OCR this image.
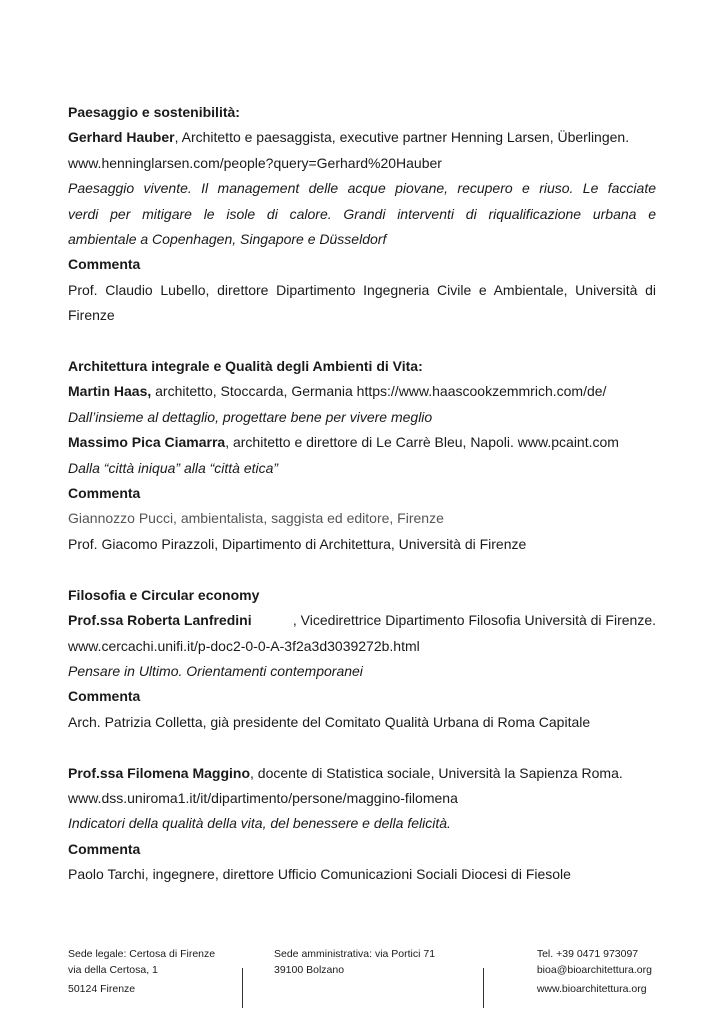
Paesaggio e sostenibilità:
Gerhard Hauber, Architetto e paesaggista, executive partner Henning Larsen, Überlingen.
www.henninglarsen.com/people?query=Gerhard%20Hauber
Paesaggio vivente. Il management delle acque piovane, recupero e riuso. Le facciate
verdi per mitigare le isole di calore. Grandi interventi di riqualificazione urbana e
ambientale a Copenhagen, Singapore e Düsseldorf
Commenta
Prof. Claudio Lubello, direttore Dipartimento Ingegneria Civile e Ambientale, Università di
Firenze
Architettura integrale e Qualità degli Ambienti di Vita:
Martin Haas, architetto, Stoccarda, Germania https://www.haascookzemmrich.com/de/
Dall’insieme al dettaglio, progettare bene per vivere meglio
Massimo Pica Ciamarra, architetto e direttore di Le Carrè Bleu, Napoli. www.pcaint.com
Dalla “città iniqua” alla “città etica”
Commenta
Giannozzo Pucci, ambientalista, saggista ed editore, Firenze
Prof. Giacomo Pirazzoli, Dipartimento di Architettura, Università di Firenze
Filosofia e Circular economy
Prof.ssa Roberta Lanfredini	, Vicedirettrice Dipartimento Filosofia Università di Firenze.
www.cercachi.unifi.it/p-doc2-0-0-A-3f2a3d3039272b.html
Pensare in Ultimo. Orientamenti contemporanei
Commenta
Arch. Patrizia Colletta, già presidente del Comitato Qualità Urbana di Roma Capitale
Prof.ssa Filomena Maggino, docente di Statistica sociale, Università la Sapienza Roma.
www.dss.uniroma1.it/it/dipartimento/persone/maggino-filomena
Indicatori della qualità della vita, del benessere e della felicità.
Commenta
Paolo Tarchi, ingegnere, direttore Ufficio Comunicazioni Sociali Diocesi di Fiesole
Sede legale: Certosa di Firenze
via della Certosa, 1
50124 Firenze
Sede amministrativa: via Portici 71
39100 Bolzano
Tel. +39 0471 973097
bioa@bioarchitettura.org
www.bioarchitettura.org
